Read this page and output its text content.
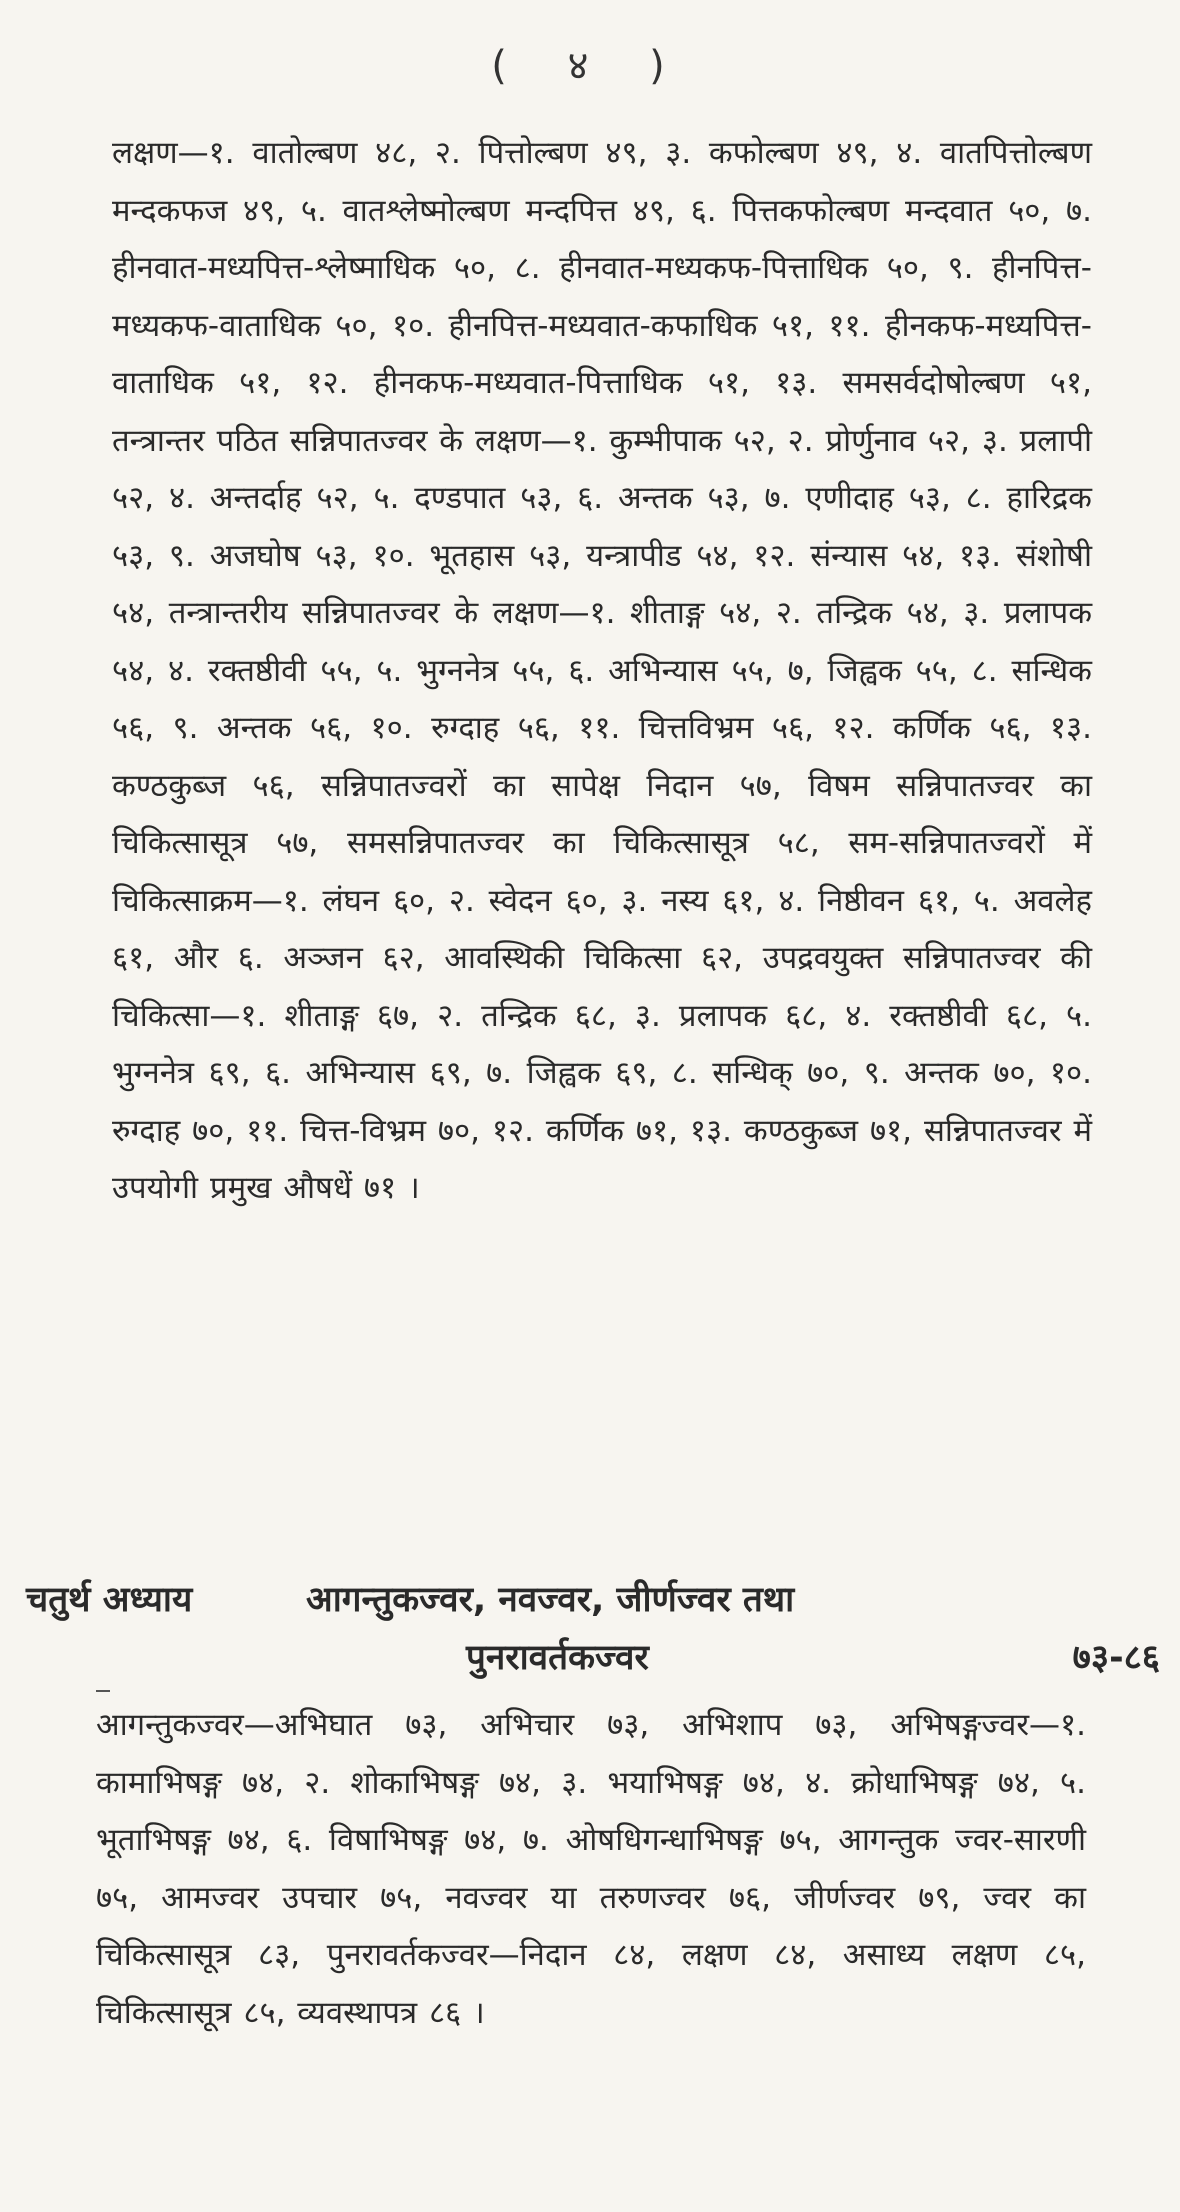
( ४ )

लक्षण—१. वातोल्बण ४८, २. पित्तोल्बण ४९, ३. कफोल्बण ४९, ४. वातपित्तोल्बण मन्दकफज ४९, ५. वातश्लेष्मोल्बण मन्दपित्त ४९, ६. पित्तकफोल्बण मन्दवात ५०, ७. हीनवात-मध्यपित्त-श्लेष्माधिक ५०, ८. हीनवात-मध्यकफ-पित्ताधिक ५०, ९. हीनपित्त-मध्यकफ-वाताधिक ५०, १०. हीनपित्त-मध्यवात-कफाधिक ५१, ११. हीनकफ-मध्यपित्त-वाताधिक ५१, १२. हीनकफ-मध्यवात-पित्ताधिक ५१, १३. समसर्वदोषोल्बण ५१, तन्त्रान्तर पठित सन्निपातज्वर के लक्षण—१. कुम्भीपाक ५२, २. प्रोर्णुनाव ५२, ३. प्रलापी ५२, ४. अन्तर्दाह ५२, ५. दण्डपात ५३, ६. अन्तक ५३, ७. एणीदाह ५३, ८. हारिद्रक ५३, ९. अजघोष ५३, १०. भूतहास ५३, यन्त्रापीड ५४, १२. संन्यास ५४, १३. संशोषी ५४, तन्त्रान्तरीय सन्निपातज्वर के लक्षण—१. शीताङ्ग ५४, २. तन्द्रिक ५४, ३. प्रलापक ५४, ४. रक्तष्ठीवी ५५, ५. भुग्ननेत्र ५५, ६. अभिन्यास ५५, ७, जिह्वक ५५, ८. सन्धिक ५६, ९. अन्तक ५६, १०. रुग्दाह ५६, ११. चित्तविभ्रम ५६, १२. कर्णिक ५६, १३. कण्ठकुब्ज ५६, सन्निपातज्वरों का सापेक्ष निदान ५७, विषम सन्निपातज्वर का चिकित्सासूत्र ५७, समसन्निपातज्वर का चिकित्सासूत्र ५८, सम-सन्निपातज्वरों में चिकित्साक्रम—१. लंघन ६०, २. स्वेदन ६०, ३. नस्य ६१, ४. निष्ठीवन ६१, ५. अवलेह ६१, और ६. अञ्जन ६२, आवस्थिकी चिकित्सा ६२, उपद्रवयुक्त सन्निपातज्वर की चिकित्सा—१. शीताङ्ग ६७, २. तन्द्रिक ६८, ३. प्रलापक ६८, ४. रक्तष्ठीवी ६८, ५. भुग्ननेत्र ६९, ६. अभिन्यास ६९, ७. जिह्वक ६९, ८. सन्धिक् ७०, ९. अन्तक ७०, १०. रुग्दाह ७०, ११. चित्त-विभ्रम ७०, १२. कर्णिक ७१, १३. कण्ठकुब्ज ७१, सन्निपातज्वर में उपयोगी प्रमुख औषधें ७१ ।

चतुर्थ अध्याय	आगन्तुकज्वर, नवज्वर, जीर्णज्वर तथा
पुनरावर्तकज्वर	७३-८६

आगन्तुकज्वर—अभिघात ७३, अभिचार ७३, अभिशाप ७३, अभिषङ्गज्वर—१. कामाभिषङ्ग ७४, २. शोकाभिषङ्ग ७४, ३. भयाभिषङ्ग ७४, ४. क्रोधाभिषङ्ग ७४, ५. भूताभिषङ्ग ७४, ६. विषाभिषङ्ग ७४, ७. ओषधिगन्धाभिषङ्ग ७५, आगन्तुक ज्वर-सारणी ७५, आमज्वर उपचार ७५, नवज्वर या तरुणज्वर ७६, जीर्णज्वर ७९, ज्वर का चिकित्सासूत्र ८३, पुनरावर्तकज्वर—निदान ८४, लक्षण ८४, असाध्य लक्षण ८५, चिकित्सासूत्र ८५, व्यवस्थापत्र ८६ ।
